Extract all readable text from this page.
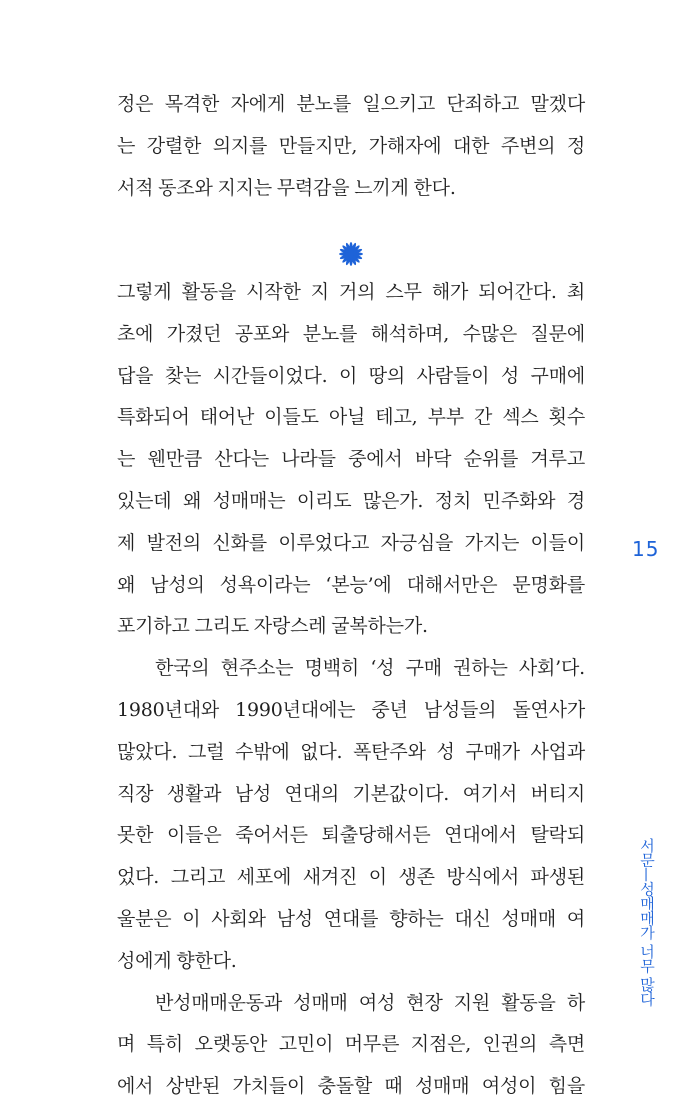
정은 목격한 자에게 분노를 일으키고 단죄하고 말겠다
는 강렬한 의지를 만들지만, 가해자에 대한 주변의 정
서적 동조와 지지는 무력감을 느끼게 한다.
그렇게 활동을 시작한 지 거의 스무 해가 되어간다. 최
초에 가졌던 공포와 분노를 해석하며, 수많은 질문에
답을 찾는 시간들이었다. 이 땅의 사람들이 성 구매에
특화되어 태어난 이들도 아닐 테고, 부부 간 섹스 횟수
는 웬만큼 산다는 나라들 중에서 바닥 순위를 겨루고
있는데 왜 성매매는 이리도 많은가. 정치 민주화와 경
제 발전의 신화를 이루었다고 자긍심을 가지는 이들이
왜 남성의 성욕이라는 ‘본능’에 대해서만은 문명화를
포기하고 그리도 자랑스레 굴복하는가.
한국의 현주소는 명백히 ‘성 구매 권하는 사회’다.
1980년대와 1990년대에는 중년 남성들의 돌연사가
많았다. 그럴 수밖에 없다. 폭탄주와 성 구매가 사업과
직장 생활과 남성 연대의 기본값이다. 여기서 버티지
못한 이들은 죽어서든 퇴출당해서든 연대에서 탈락되
었다. 그리고 세포에 새겨진 이 생존 방식에서 파생된
울분은 이 사회와 남성 연대를 향하는 대신 성매매 여
성에게 향한다.
반성매매운동과 성매매 여성 현장 지원 활동을 하
며 특히 오랫동안 고민이 머무른 지점은, 인권의 측면
에서 상반된 가치들이 충돌할 때 성매매 여성이 힘을
15
서문—성매매가 너무 많다
